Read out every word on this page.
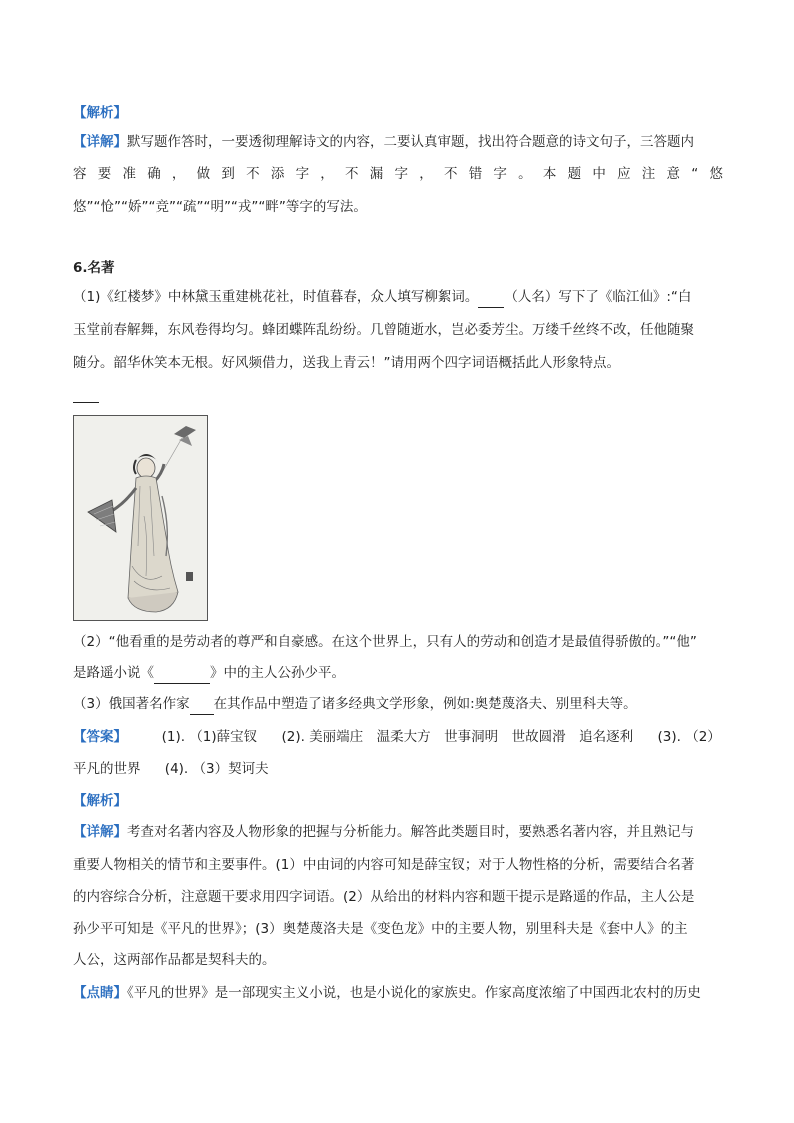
【解析】
【详解】默写题作答时，一要透彻理解诗文的内容，二要认真审题，找出符合题意的诗文句子，三答题内
容要准确，做到不添字，不漏字，不错字。本题中应注意“悠
悠”“怆”“娇”“竞”“疏”“明”“戎”“畔”等字的写法。
6.名著
（1)《红楼梦》中林黛玉重建桃花社，时值暮春，众人填写柳絮词。 （人名）写下了《临江仙》:“白
玉堂前春解舞，东风卷得均匀。蜂团蝶阵乱纷纷。几曾随逝水，岂必委芳尘。万缕千丝终不改，任他随聚
随分。韶华休笑本无根。好风频借力，送我上青云！”请用两个四字词语概括此人形象特点。
（2）“他看重的是劳动者的尊严和自豪感。在这个世界上，只有人的劳动和创造才是最值得骄傲的。”“他”
是路遥小说《	》中的主人公孙少平。
（3）俄国著名作家 在其作品中塑造了诸多经典文学形象，例如:奥楚蔑洛夫、别里科夫等。
【答案】	(1). （1)薛宝钗 (2). 美丽端庄　温柔大方　世事洞明　世故圆滑　追名逐利 (3). （2）
平凡的世界 (4). （3）契诃夫
【解析】
【详解】考查对名著内容及人物形象的把握与分析能力。解答此类题目时，要熟悉名著内容，并且熟记与
重要人物相关的情节和主要事件。(1）中由词的内容可知是薛宝钗；对于人物性格的分析，需要结合名著
的内容综合分析，注意题干要求用四字词语。(2）从给出的材料内容和题干提示是路遥的作品，主人公是
孙少平可知是《平凡的世界》；(3）奥楚蔑洛夫是《变色龙》中的主要人物，别里科夫是《套中人》的主
人公，这两部作品都是契科夫的。
【点睛】《平凡的世界》是一部现实主义小说，也是小说化的家族史。作家高度浓缩了中国西北农村的历史
